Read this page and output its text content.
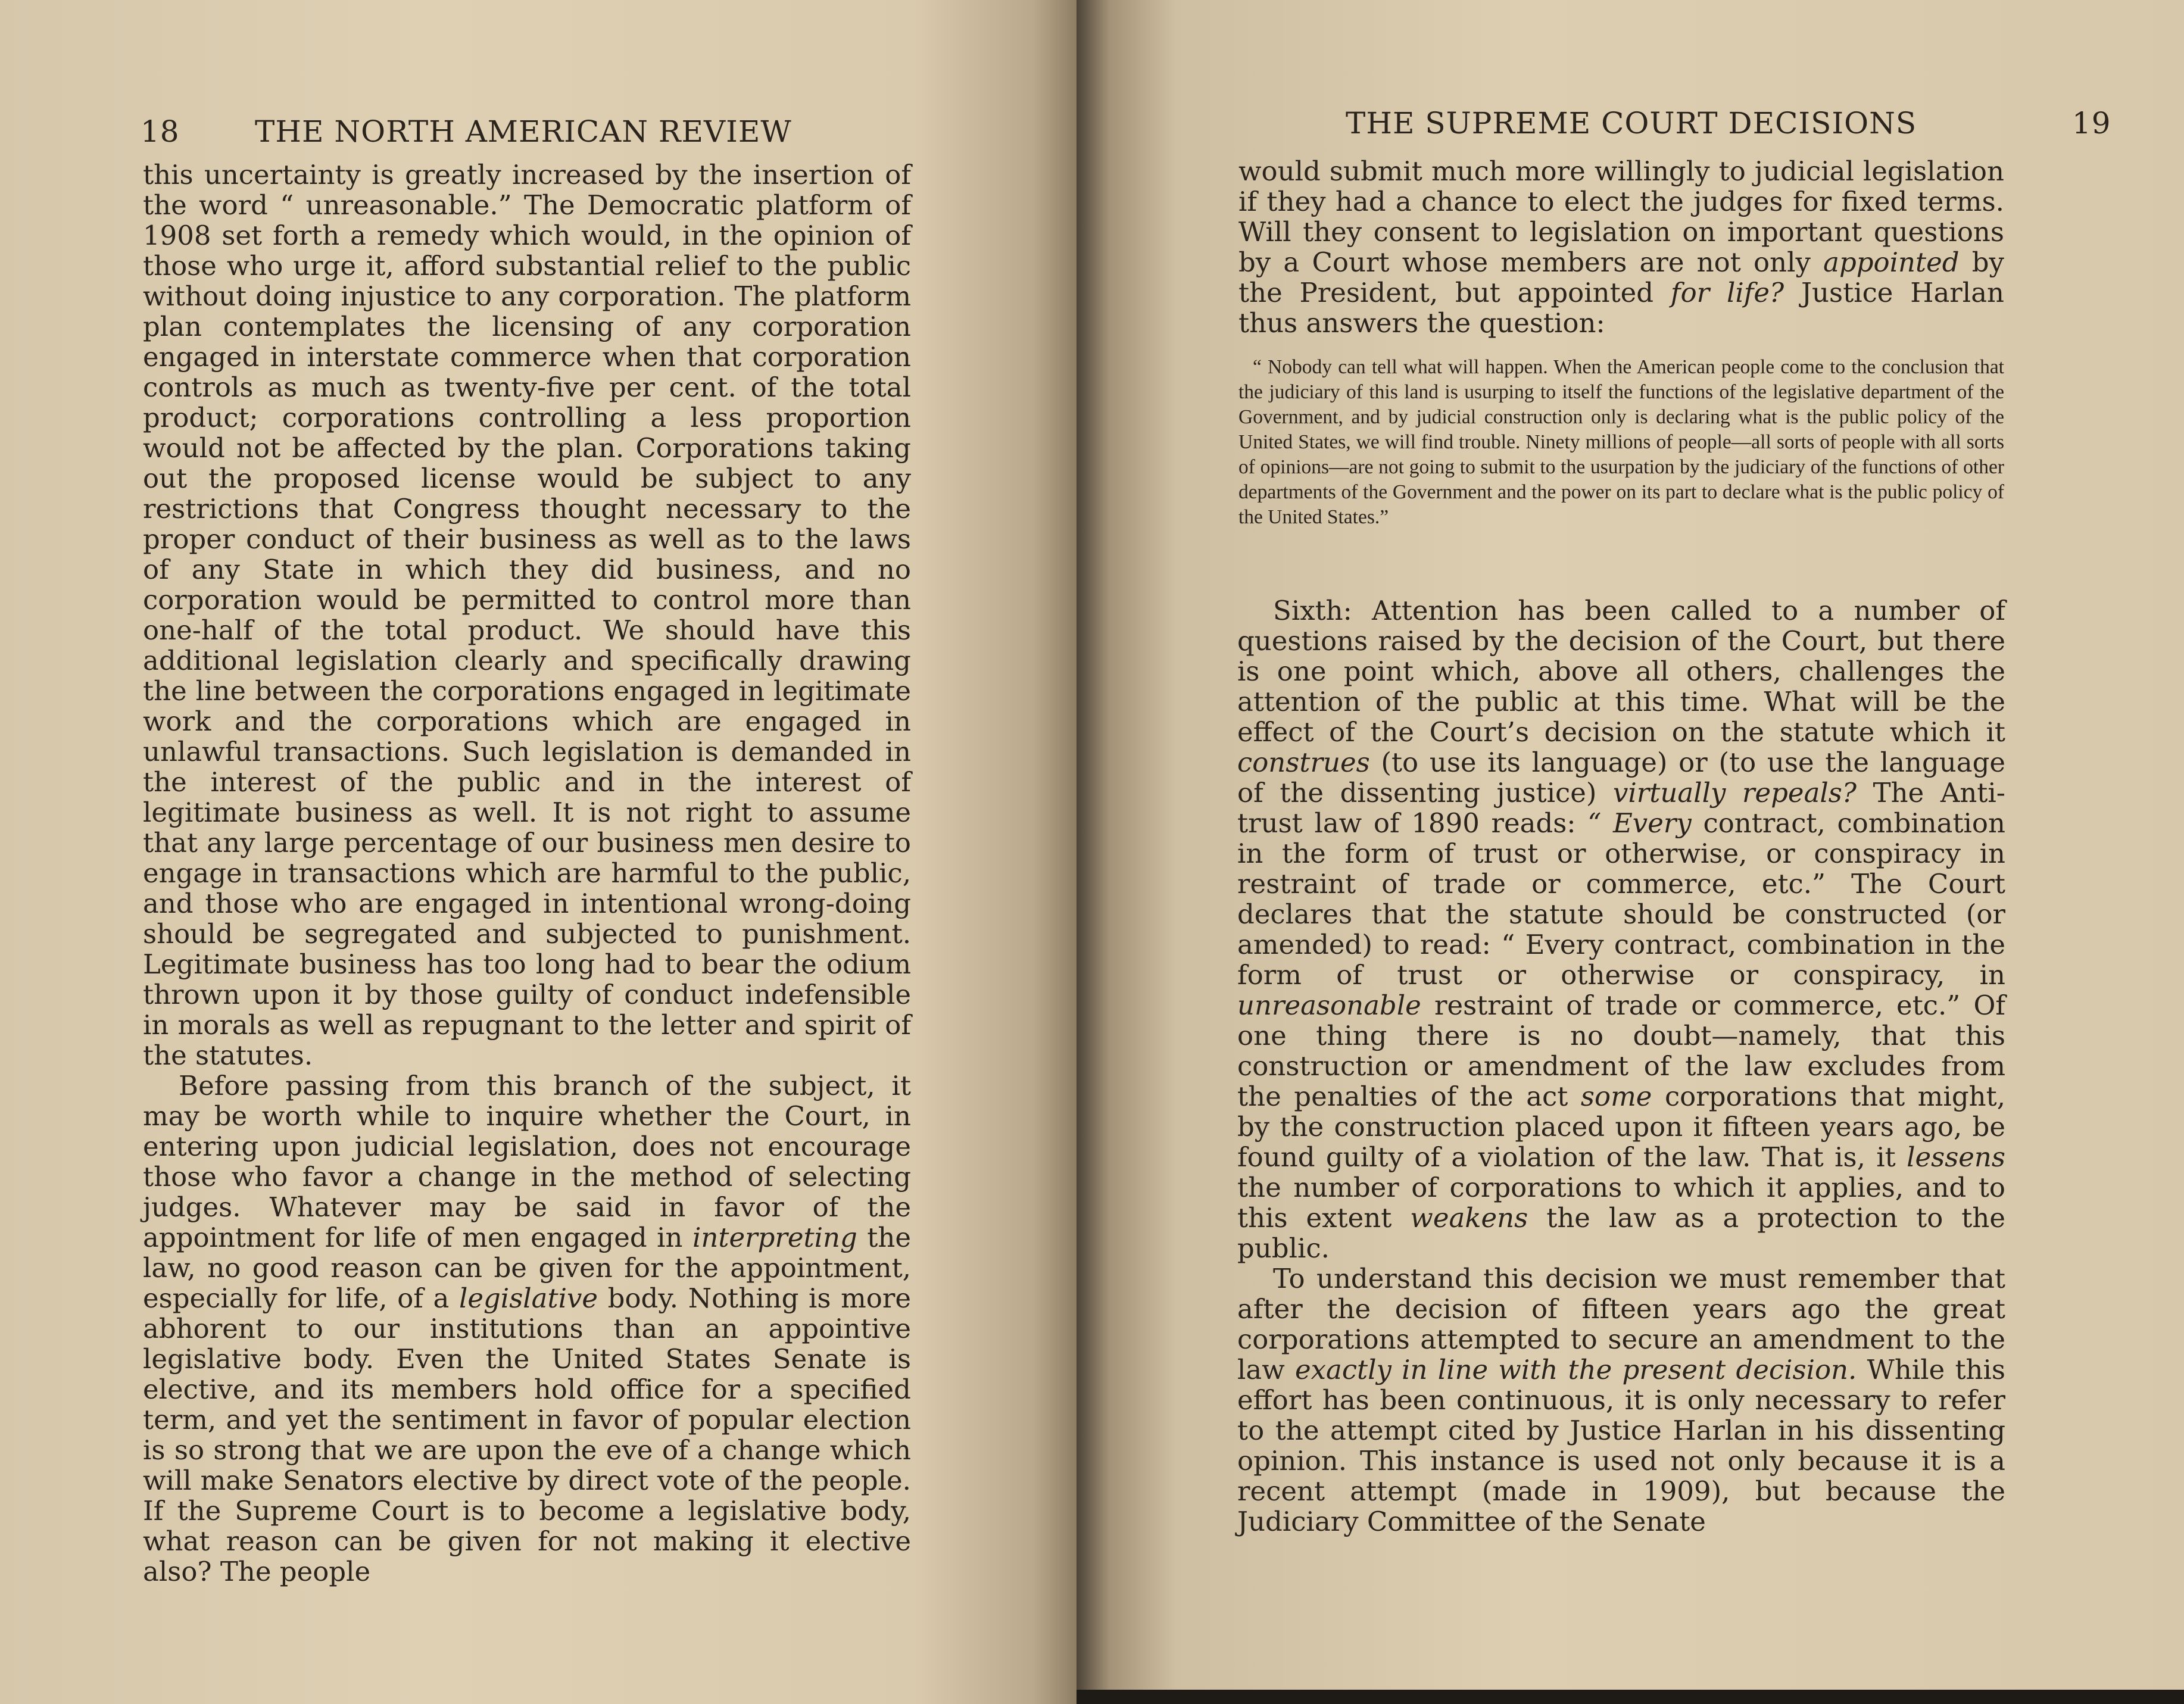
18	THE NORTH AMERICAN REVIEW

this uncertainty is greatly increased by the insertion of the word “ unreasonable.” The Democratic platform of 1908 set forth a remedy which would, in the opinion of those who urge it, afford substantial relief to the public without doing injustice to any corporation. The platform plan contemplates the licensing of any corporation engaged in interstate commerce when that corporation controls as much as twenty-five per cent. of the total product; corporations controlling a less proportion would not be affected by the plan. Corporations taking out the proposed license would be subject to any restrictions that Congress thought necessary to the proper conduct of their business as well as to the laws of any State in which they did business, and no corporation would be permitted to control more than one-half of the total product. We should have this additional legislation clearly and specifically drawing the line between the corporations engaged in legitimate work and the corporations which are engaged in unlawful transactions. Such legislation is demanded in the interest of the public and in the interest of legitimate business as well. It is not right to assume that any large percentage of our business men desire to engage in transactions which are harmful to the public, and those who are engaged in intentional wrong-doing should be segregated and subjected to punishment. Legitimate business has too long had to bear the odium thrown upon it by those guilty of conduct indefensible in morals as well as repugnant to the letter and spirit of the statutes.

Before passing from this branch of the subject, it may be worth while to inquire whether the Court, in entering upon judicial legislation, does not encourage those who favor a change in the method of selecting judges. Whatever may be said in favor of the appointment for life of men engaged in interpreting the law, no good reason can be given for the appointment, especially for life, of a legislative body. Nothing is more abhorent to our institutions than an appointive legislative body. Even the United States Senate is elective, and its members hold office for a specified term, and yet the sentiment in favor of popular election is so strong that we are upon the eve of a change which will make Senators elective by direct vote of the people. If the Supreme Court is to become a legislative body, what reason can be given for not making it elective also? The people

THE SUPREME COURT DECISIONS	19

would submit much more willingly to judicial legislation if they had a chance to elect the judges for fixed terms. Will they consent to legislation on important questions by a Court whose members are not only appointed by the President, but appointed for life? Justice Harlan thus answers the question:

“ Nobody can tell what will happen. When the American people come to the conclusion that the judiciary of this land is usurping to itself the functions of the legislative department of the Government, and by judicial construction only is declaring what is the public policy of the United States, we will find trouble. Ninety millions of people—all sorts of people with all sorts of opinions—are not going to submit to the usurpation by the judiciary of the functions of other departments of the Government and the power on its part to declare what is the public policy of the United States.”

Sixth: Attention has been called to a number of questions raised by the decision of the Court, but there is one point which, above all others, challenges the attention of the public at this time. What will be the effect of the Court’s decision on the statute which it construes (to use its language) or (to use the language of the dissenting justice) virtually repeals? The Anti-trust law of 1890 reads: “ Every contract, combination in the form of trust or otherwise, or conspiracy in restraint of trade or commerce, etc.” The Court declares that the statute should be constructed (or amended) to read: “ Every contract, combination in the form of trust or otherwise or conspiracy, in unreasonable restraint of trade or commerce, etc.” Of one thing there is no doubt—namely, that this construction or amendment of the law excludes from the penalties of the act some corporations that might, by the construction placed upon it fifteen years ago, be found guilty of a violation of the law. That is, it lessens the number of corporations to which it applies, and to this extent weakens the law as a protection to the public.

To understand this decision we must remember that after the decision of fifteen years ago the great corporations attempted to secure an amendment to the law exactly in line with the present decision. While this effort has been continuous, it is only necessary to refer to the attempt cited by Justice Harlan in his dissenting opinion. This instance is used not only because it is a recent attempt (made in 1909), but because the Judiciary Committee of the Senate
